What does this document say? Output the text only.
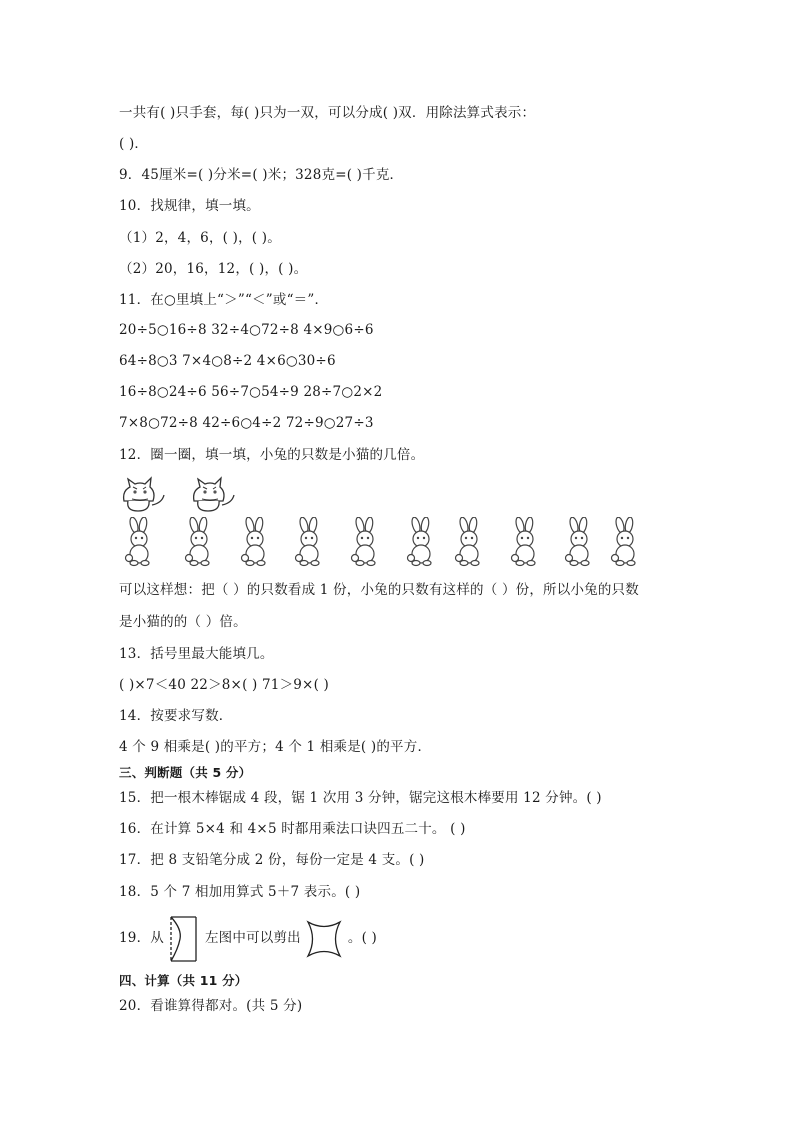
一共有( )只手套，每( )只为一双，可以分成( )双．用除法算式表示：
( )．
9．45厘米=( )分米=( )米；328克=( )千克．
10．找规律，填一填。
（1）2，4，6，( )，( )。
（2）20，16，12，( )，( )。
11．在○里填上“＞”“＜”或“＝”．
20÷5○16÷8 32÷4○72÷8 4×9○6÷6
64÷8○3 7×4○8÷2 4×6○30÷6
16÷8○24÷6 56÷7○54÷9 28÷7○2×2
7×8○72÷8 42÷6○4÷2 72÷9○27÷3
12．圈一圈，填一填，小兔的只数是小猫的几倍。
可以这样想：把（ ）的只数看成 1 份，小兔的只数有这样的（ ）份，所以小兔的只数
是小猫的的（ ）倍。
13．括号里最大能填几。
( )×7＜40 22＞8×( ) 71＞9×( )
14．按要求写数．
4 个 9 相乘是( )的平方；4 个 1 相乘是( )的平方．
三、判断题（共 5 分）
15．把一根木棒锯成 4 段，锯 1 次用 3 分钟，锯完这根木棒要用 12 分钟。( )
16．在计算 5×4 和 4×5 时都用乘法口诀四五二十。 ( )
17．把 8 支铅笔分成 2 份，每份一定是 4 支。( )
18．5 个 7 相加用算式 5＋7 表示。( )
19．从	左图中可以剪出	。( )
四、计算（共 11 分）
20．看谁算得都对。(共 5 分)
